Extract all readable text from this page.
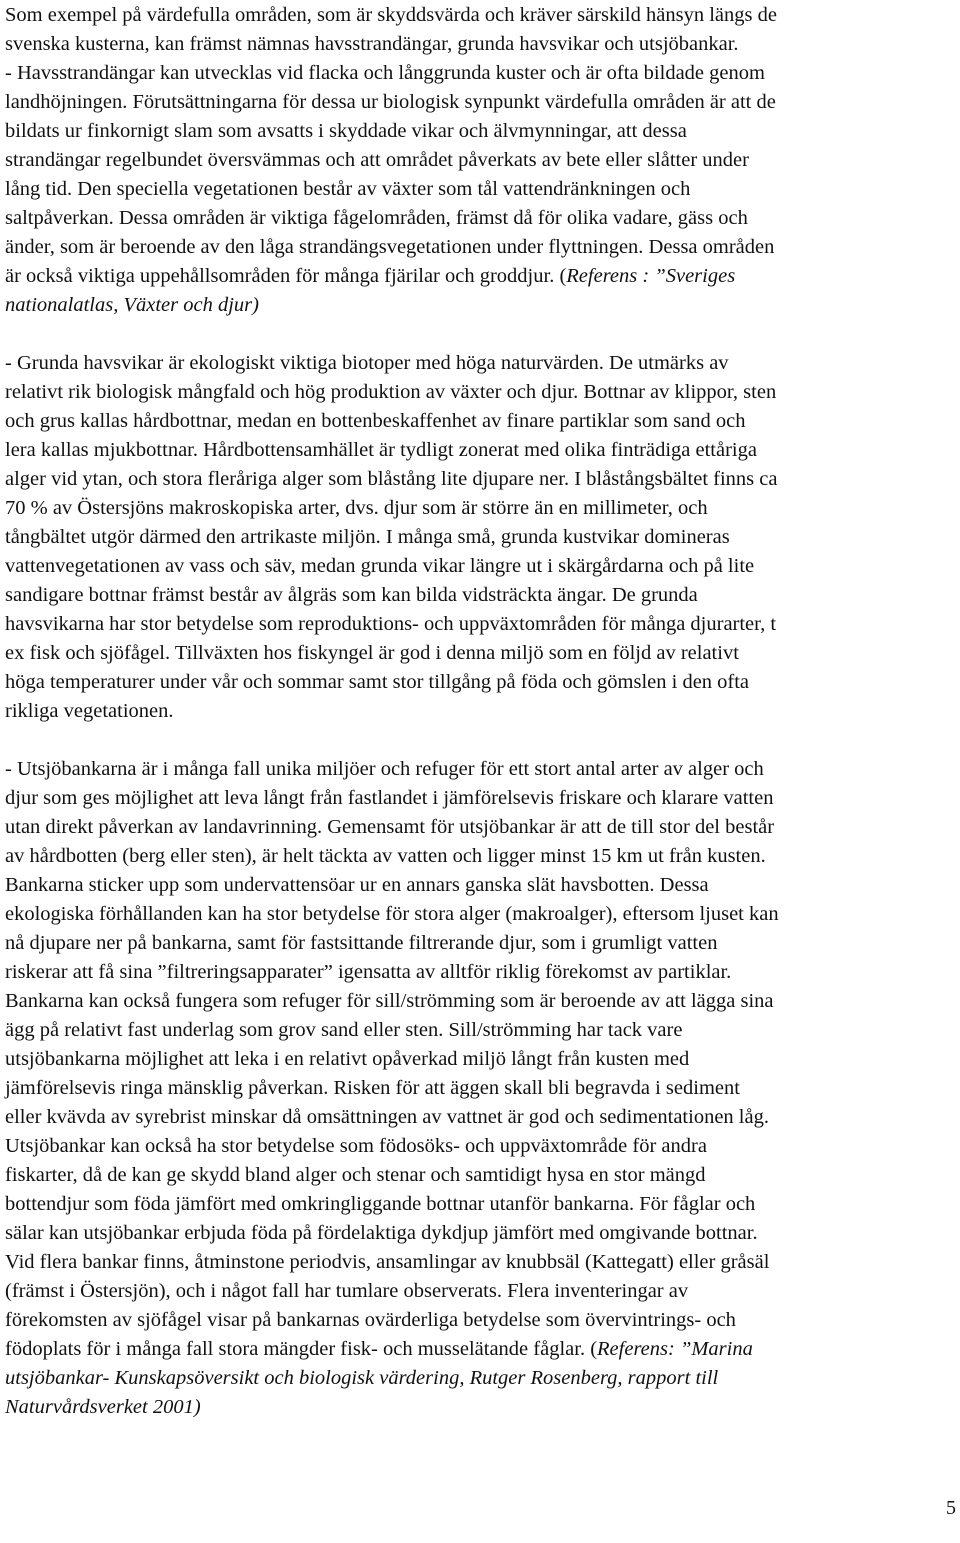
Som exempel på värdefulla områden, som är skyddsvärda och kräver särskild hänsyn längs de
svenska kusterna, kan främst nämnas havsstrandängar, grunda havsvikar och utsjöbankar.
- Havsstrandängar kan utvecklas vid flacka och långgrunda kuster och är ofta bildade genom
landhöjningen. Förutsättningarna för dessa ur biologisk synpunkt värdefulla områden är att de
bildats ur finkornigt slam som avsatts i skyddade vikar och älvmynningar, att dessa
strandängar regelbundet översvämmas och att området påverkats av bete eller slåtter under
lång tid. Den speciella vegetationen består av växter som tål vattendränkningen och
saltpåverkan. Dessa områden är viktiga fågelområden, främst då för olika vadare, gäss och
änder, som är beroende av den låga strandängsvegetationen under flyttningen. Dessa områden
är också viktiga uppehållsområden för många fjärilar och groddjur. (Referens : ”Sveriges
nationalatlas, Växter och djur)
- Grunda havsvikar är ekologiskt viktiga biotoper med höga naturvärden. De utmärks av
relativt rik biologisk mångfald och hög produktion av växter och djur. Bottnar av klippor, sten
och grus kallas hårdbottnar, medan en bottenbeskaffenhet av finare partiklar som sand och
lera kallas mjukbottnar. Hårdbottensamhället är tydligt zonerat med olika finträdiga ettåriga
alger vid ytan, och stora fleråriga alger som blåstång lite djupare ner. I blåstångsbältet finns ca
70 % av Östersjöns makroskopiska arter, dvs. djur som är större än en millimeter, och
tångbältet utgör därmed den artrikaste miljön. I många små, grunda kustvikar domineras
vattenvegetationen av vass och säv, medan grunda vikar längre ut i skärgårdarna och på lite
sandigare bottnar främst består av ålgräs som kan bilda vidsträckta ängar. De grunda
havsvikarna har stor betydelse som reproduktions- och uppväxtområden för många djurarter, t
ex fisk och sjöfågel. Tillväxten hos fiskyngel är god i denna miljö som en följd av relativt
höga temperaturer under vår och sommar samt stor tillgång på föda och gömslen i den ofta
rikliga vegetationen.
- Utsjöbankarna är i många fall unika miljöer och refuger för ett stort antal arter av alger och
djur som ges möjlighet att leva långt från fastlandet i jämförelsevis friskare och klarare vatten
utan direkt påverkan av landavrinning. Gemensamt för utsjöbankar är att de till stor del består
av hårdbotten (berg eller sten), är helt täckta av vatten och ligger minst 15 km ut från kusten.
Bankarna sticker upp som undervattensöar ur en annars ganska slät havsbotten. Dessa
ekologiska förhållanden kan ha stor betydelse för stora alger (makroalger), eftersom ljuset kan
nå djupare ner på bankarna, samt för fastsittande filtrerande djur, som i grumligt vatten
riskerar att få sina ”filtreringsapparater” igensatta av alltför riklig förekomst av partiklar.
Bankarna kan också fungera som refuger för sill/strömming som är beroende av att lägga sina
ägg på relativt fast underlag som grov sand eller sten. Sill/strömming har tack vare
utsjöbankarna möjlighet att leka i en relativt opåverkad miljö långt från kusten med
jämförelsevis ringa mänsklig påverkan. Risken för att äggen skall bli begravda i sediment
eller kvävda av syrebrist minskar då omsättningen av vattnet är god och sedimentationen låg.
Utsjöbankar kan också ha stor betydelse som födosöks- och uppväxtområde för andra
fiskarter, då de kan ge skydd bland alger och stenar och samtidigt hysa en stor mängd
bottendjur som föda jämfört med omkringliggande bottnar utanför bankarna. För fåglar och
sälar kan utsjöbankar erbjuda föda på fördelaktiga dykdjup jämfört med omgivande bottnar.
Vid flera bankar finns, åtminstone periodvis, ansamlingar av knubbsäl (Kattegatt) eller gråsäl
(främst i Östersjön), och i något fall har tumlare observerats. Flera inventeringar av
förekomsten av sjöfågel visar på bankarnas ovärderliga betydelse som övervintrings- och
födoplats för i många fall stora mängder fisk- och musselätande fåglar. (Referens: ”Marina
utsjöbankar- Kunskapsöversikt och biologisk värdering, Rutger Rosenberg, rapport till
Naturvårdsverket 2001)
5
